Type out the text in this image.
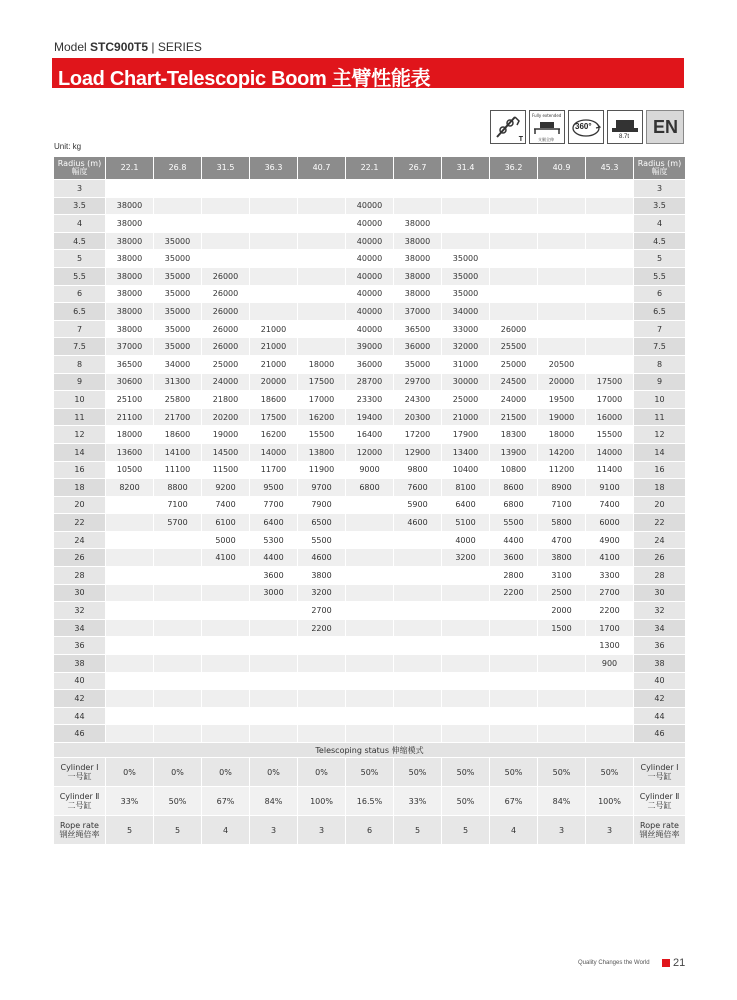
Model STC900T5 | SERIES
Load Chart-Telescopic Boom 主臂性能表
T
Fully extended
支腿全伸
360°
8.7t EN
Unit: kg
Radius (m)
幅度	22.1	26.8	31.5	36.3	40.7	22.1	26.7	31.4	36.2	40.9	45.3	Radius (m)
幅度
3												3
3.5	38000					40000						3.5
4	38000					40000	38000					4
4.5	38000	35000				40000	38000					4.5
5	38000	35000				40000	38000	35000				5
5.5	38000	35000	26000			40000	38000	35000				5.5
6	38000	35000	26000			40000	38000	35000				6
6.5	38000	35000	26000			40000	37000	34000				6.5
7	38000	35000	26000	21000		40000	36500	33000	26000			7
7.5	37000	35000	26000	21000		39000	36000	32000	25500			7.5
8	36500	34000	25000	21000	18000	36000	35000	31000	25000	20500		8
9	30600	31300	24000	20000	17500	28700	29700	30000	24500	20000	17500	9
10	25100	25800	21800	18600	17000	23300	24300	25000	24000	19500	17000	10
11	21100	21700	20200	17500	16200	19400	20300	21000	21500	19000	16000	11
12	18000	18600	19000	16200	15500	16400	17200	17900	18300	18000	15500	12
14	13600	14100	14500	14000	13800	12000	12900	13400	13900	14200	14000	14
16	10500	11100	11500	11700	11900	9000	9800	10400	10800	11200	11400	16
18	8200	8800	9200	9500	9700	6800	7600	8100	8600	8900	9100	18
20		7100	7400	7700	7900		5900	6400	6800	7100	7400	20
22		5700	6100	6400	6500		4600	5100	5500	5800	6000	22
24			5000	5300	5500			4000	4400	4700	4900	24
26			4100	4400	4600			3200	3600	3800	4100	26
28				3600	3800				2800	3100	3300	28
30				3000	3200				2200	2500	2700	30
32					2700					2000	2200	32
34					2200					1500	1700	34
36											1300	36
38											900	38
40												40
42												42
44												44
46												46
Telescoping status 伸缩模式												
Cylinder Ⅰ
一号缸	0%	0%	0%	0%	0%	50%	50%	50%	50%	50%	50%	Cylinder Ⅰ
一号缸
Cylinder Ⅱ
二号缸	33%	50%	67%	84%	100%	16.5%	33%	50%	67%	84%	100%	Cylinder Ⅱ
二号缸
Rope rate
钢丝绳倍率	5	5	4	3	3	6	5	5	4	3	3	Rope rate
钢丝绳倍率
Quality Changes the World 21
